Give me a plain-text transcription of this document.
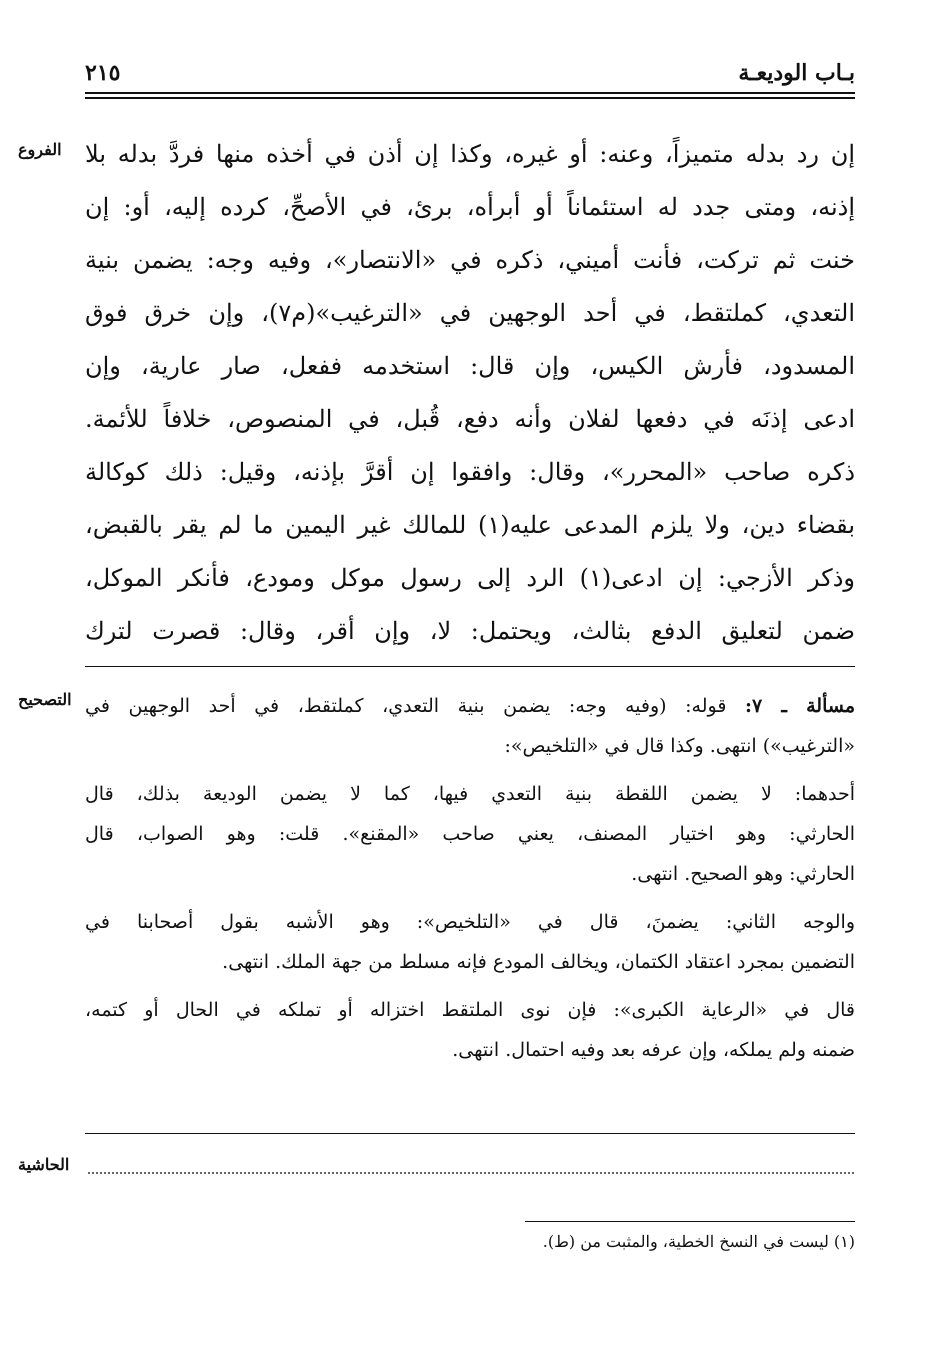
بـاب الوديعـة
٢١٥
الفروع
التصحيح
الحاشية
إن رد بدله متميزاً، وعنه: أو غيره، وكذا إن أذن في أخذه منها فردَّ بدله بلا
إذنه، ومتى جدد له استئماناً أو أبرأه، برئ، في الأصحِّ، كرده إليه، أو: إن
خنت ثم تركت، فأنت أميني، ذكره في «الانتصار»، وفيه وجه: يضمن بنية
التعدي، كملتقط، في أحد الوجهين في «الترغيب»(م٧)، وإن خرق فوق
المسدود، فأرش الكيس، وإن قال: استخدمه ففعل، صار عارية، وإن
ادعى إذنَه في دفعها لفلان وأنه دفع، قُبل، في المنصوص، خلافاً للأئمة.
ذكره صاحب «المحرر»، وقال: وافقوا إن أقرَّ بإذنه، وقيل: ذلك كوكالة
بقضاء دين، ولا يلزم المدعى عليه(١) للمالك غير اليمين ما لم يقر بالقبض،
وذكر الأزجي: إن ادعى(١) الرد إلى رسول موكل ومودع، فأنكر الموكل،
ضمن لتعليق الدفع بثالث، ويحتمل: لا، وإن أقر، وقال: قصرت لترك
مسألة ـ ٧: قوله: (وفيه وجه: يضمن بنية التعدي، كملتقط، في أحد الوجهين في
«الترغيب») انتهى. وكذا قال في «التلخيص»:
أحدهما: لا يضمن اللقطة بنية التعدي فيها، كما لا يضمن الوديعة بذلك، قال
الحارثي: وهو اختيار المصنف، يعني صاحب «المقنع». قلت: وهو الصواب، قال
الحارثي: وهو الصحيح. انتهى.
والوجه الثاني: يضمنَ، قال في «التلخيص»: وهو الأشبه بقول أصحابنا في
التضمين بمجرد اعتقاد الكتمان، ويخالف المودع فإنه مسلط من جهة الملك. انتهى.
قال في «الرعاية الكبرى»: فإن نوى الملتقط اختزاله أو تملكه في الحال أو كتمه،
ضمنه ولم يملكه، وإن عرفه بعد وفيه احتمال. انتهى.
(١) ليست في النسخ الخطية، والمثبت من (ط).
